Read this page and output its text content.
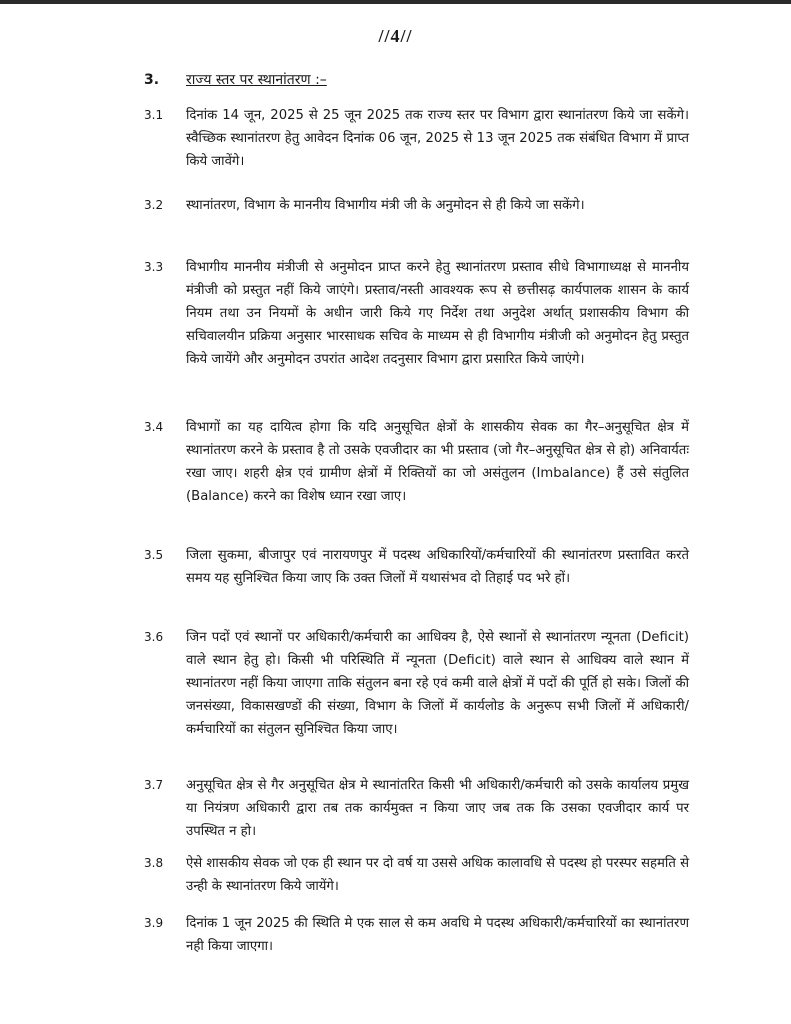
//4//
3. राज्य स्तर पर स्थानांतरण :–
3.1 दिनांक 14 जून, 2025 से 25 जून 2025 तक राज्य स्तर पर विभाग द्वारा स्थानांतरण किये जा सकेंगे। स्वैच्छिक स्थानांतरण हेतु आवेदन दिनांक 06 जून, 2025 से 13 जून 2025 तक संबंधित विभाग में प्राप्त किये जावेंगे।
3.2 स्थानांतरण, विभाग के माननीय विभागीय मंत्री जी के अनुमोदन से ही किये जा सकेंगे।
3.3 विभागीय माननीय मंत्रीजी से अनुमोदन प्राप्त करने हेतु स्थानांतरण प्रस्ताव सीधे विभागाध्यक्ष से माननीय मंत्रीजी को प्रस्तुत नहीं किये जाएंगे। प्रस्ताव/नस्ती आवश्यक रूप से छत्तीसढ़ कार्यपालक शासन के कार्य नियम तथा उन नियमों के अधीन जारी किये गए निर्देश तथा अनुदेश अर्थात् प्रशासकीय विभाग की सचिवालयीन प्रक्रिया अनुसार भारसाधक सचिव के माध्यम से ही विभागीय मंत्रीजी को अनुमोदन हेतु प्रस्तुत किये जायेंगे और अनुमोदन उपरांत आदेश तदनुसार विभाग द्वारा प्रसारित किये जाएंगे।
3.4 विभागों का यह दायित्व होगा कि यदि अनुसूचित क्षेत्रों के शासकीय सेवक का गैर–अनुसूचित क्षेत्र में स्थानांतरण करने के प्रस्ताव है तो उसके एवजीदार का भी प्रस्ताव (जो गैर–अनुसूचित क्षेत्र से हो) अनिवार्यतः रखा जाए। शहरी क्षेत्र एवं ग्रामीण क्षेत्रों में रिक्तियों का जो असंतुलन (Imbalance) हैं उसे संतुलित (Balance) करने का विशेष ध्यान रखा जाए।
3.5 जिला सुकमा, बीजापुर एवं नारायणपुर में पदस्थ अधिकारियों/कर्मचारियों की स्थानांतरण प्रस्तावित करते समय यह सुनिश्चित किया जाए कि उक्त जिलों में यथासंभव दो तिहाई पद भरे हों।
3.6 जिन पदों एवं स्थानों पर अधिकारी/कर्मचारी का आधिक्य है, ऐसे स्थानों से स्थानांतरण न्यूनता (Deficit) वाले स्थान हेतु हो। किसी भी परिस्थिति में न्यूनता (Deficit) वाले स्थान से आधिक्य वाले स्थान में स्थानांतरण नहीं किया जाएगा ताकि संतुलन बना रहे एवं कमी वाले क्षेत्रों में पदों की पूर्ति हो सके। जिलों की जनसंख्या, विकासखण्डों की संख्या, विभाग के जिलों में कार्यलोड के अनुरूप सभी जिलों में अधिकारी/कर्मचारियों का संतुलन सुनिश्चित किया जाए।
3.7 अनुसूचित क्षेत्र से गैर अनुसूचित क्षेत्र मे स्थानांतरित किसी भी अधिकारी/कर्मचारी को उसके कार्यालय प्रमुख या नियंत्रण अधिकारी द्वारा तब तक कार्यमुक्त न किया जाए जब तक कि उसका एवजीदार कार्य पर उपस्थित न हो।
3.8 ऐसे शासकीय सेवक जो एक ही स्थान पर दो वर्ष या उससे अधिक कालावधि से पदस्थ हो परस्पर सहमति से उन्ही के स्थानांतरण किये जायेंगे।
3.9 दिनांक 1 जून 2025 की स्थिति मे एक साल से कम अवधि मे पदस्थ अधिकारी/कर्मचारियों का स्थानांतरण नही किया जाएगा।
